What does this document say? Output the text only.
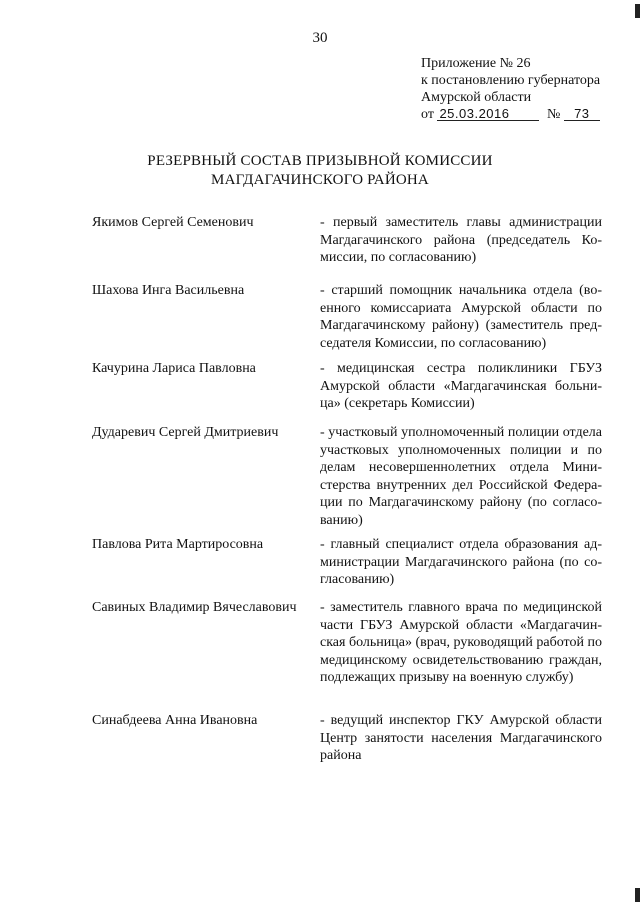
30
Приложение № 26
к постановлению губернатора
Амурской области
от 25.03.2016	№ 73
РЕЗЕРВНЫЙ СОСТАВ ПРИЗЫВНОЙ КОМИССИИ
МАГДАГАЧИНСКОГО РАЙОНА
Якимов Сергей Семенович	- первый заместитель главы администрации Магдагачинского района (председатель Комиссии, по согласованию)
Шахова Инга Васильевна	- старший помощник начальника отдела (военного комиссариата Амурской области по Магдагачинскому району) (заместитель председателя Комиссии, по согласованию)
Качурина Лариса Павловна	- медицинская сестра поликлиники ГБУЗ Амурской области «Магдагачинская больница» (секретарь Комиссии)
Дударевич Сергей Дмитриевич	- участковый уполномоченный полиции отдела участковых уполномоченных полиции и по делам несовершеннолетних отдела Министерства внутренних дел Российской Федерации по Магдагачинскому району (по согласованию)
Павлова Рита Мартиросовна	- главный специалист отдела образования администрации Магдагачинского района (по согласованию)
Савиных Владимир Вячеславович	- заместитель главного врача по медицинской части ГБУЗ Амурской области «Магдагачинская больница» (врач, руководящий работой по медицинскому освидетельствованию граждан, подлежащих призыву на военную службу)
Синабдеева Анна Ивановна	- ведущий инспектор ГКУ Амурской области Центр занятости населения Магдагачинского района
